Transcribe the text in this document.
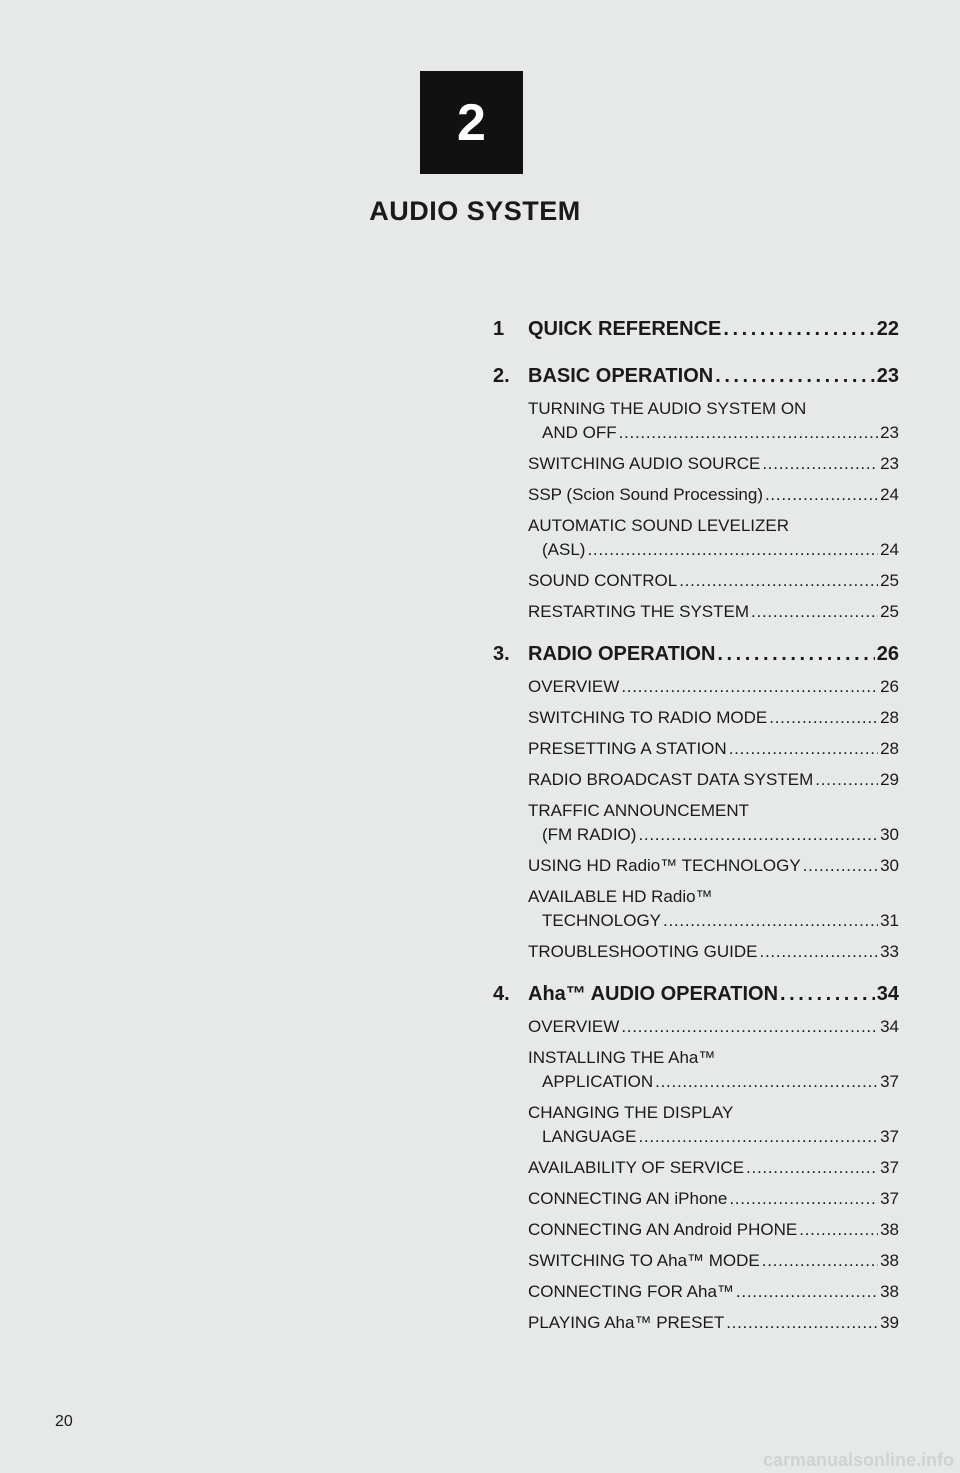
2
AUDIO SYSTEM
1	QUICK REFERENCE . . .	22
2. BASIC OPERATION . . .	23
TURNING THE AUDIO SYSTEM ON
AND OFF . . .	23
SWITCHING AUDIO SOURCE . . .	23
SSP (Scion Sound Processing) . . .	24
AUTOMATIC SOUND LEVELIZER
(ASL) . . .	24
SOUND CONTROL . . .	25
RESTARTING THE SYSTEM . . .	25
3. RADIO OPERATION . . .	26
OVERVIEW . . .	26
SWITCHING TO RADIO MODE . . .	28
PRESETTING A STATION . . .	28
RADIO BROADCAST DATA SYSTEM . . .	29
TRAFFIC ANNOUNCEMENT
(FM RADIO) . . .	30
USING HD Radio™ TECHNOLOGY . . .	30
AVAILABLE HD Radio™
TECHNOLOGY . . .	31
TROUBLESHOOTING GUIDE . . .	33
4. Aha™ AUDIO OPERATION . . .	34
OVERVIEW . . .	34
INSTALLING THE Aha™
APPLICATION . . .	37
CHANGING THE DISPLAY
LANGUAGE . . .	37
AVAILABILITY OF SERVICE . . .	37
CONNECTING AN iPhone . . .	37
CONNECTING AN Android PHONE . . .	38
SWITCHING TO Aha™ MODE . . .	38
CONNECTING FOR Aha™ . . .	38
PLAYING Aha™ PRESET . . .	39
20
carmanualsonline.info
